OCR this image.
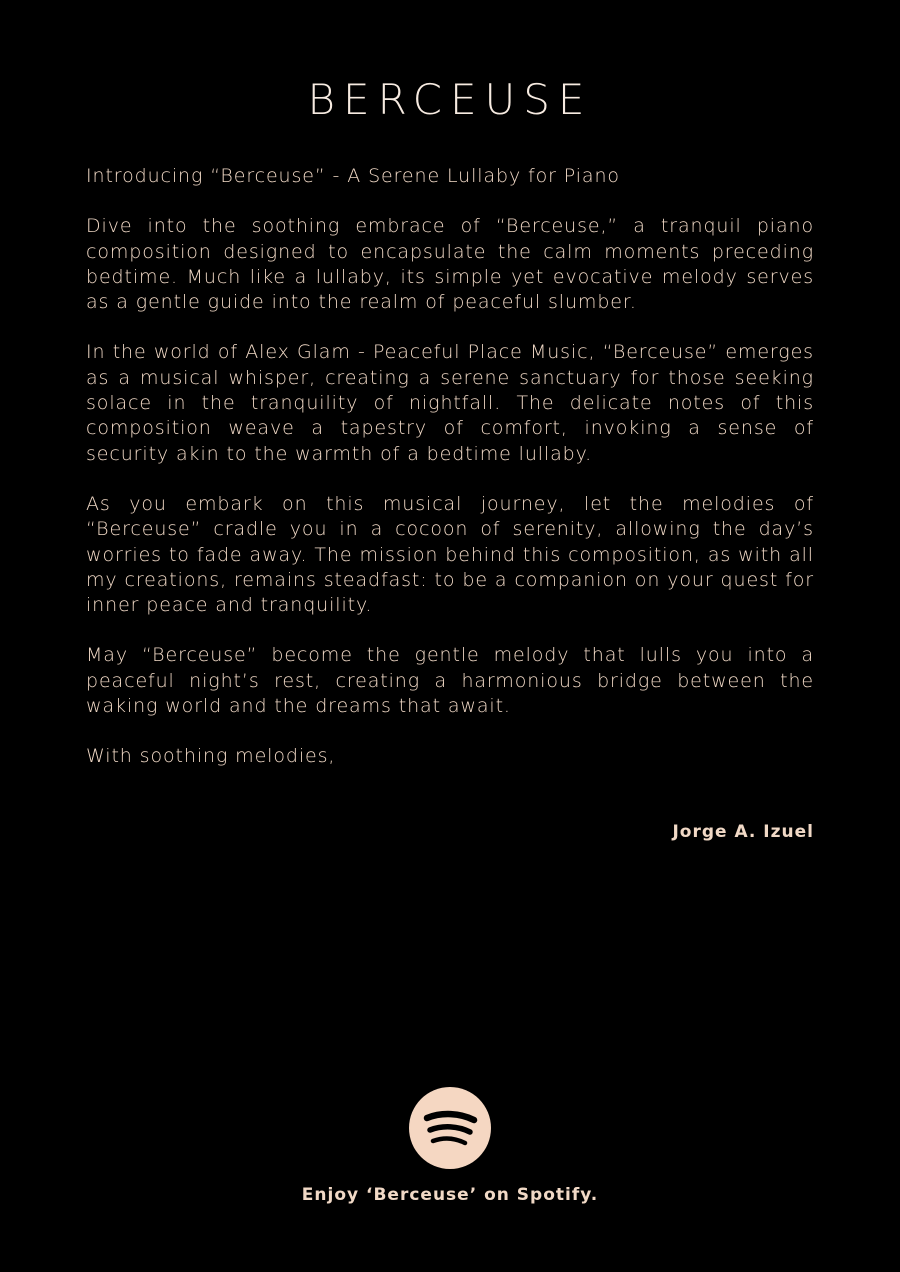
BERCEUSE

Introducing “Berceuse” - A Serene Lullaby for Piano

Dive into the soothing embrace of “Berceuse,” a tranquil piano composition designed to encapsulate the calm moments preceding bedtime. Much like a lullaby, its simple yet evocative melody serves as a gentle guide into the realm of peaceful slumber.

In the world of Alex Glam - Peaceful Place Music, “Berceuse” emerges as a musical whisper, creating a serene sanctuary for those seeking solace in the tranquility of nightfall. The delicate notes of this composition weave a tapestry of comfort, invoking a sense of security akin to the warmth of a bedtime lullaby.

As you embark on this musical journey, let the melodies of “Berceuse” cradle you in a cocoon of serenity, allowing the day’s worries to fade away. The mission behind this composition, as with all my creations, remains steadfast: to be a companion on your quest for inner peace and tranquility.

May “Berceuse” become the gentle melody that lulls you into a peaceful night’s rest, creating a harmonious bridge between the waking world and the dreams that await.

With soothing melodies,

Jorge A. Izuel
Enjoy ‘Berceuse’ on Spotify.
